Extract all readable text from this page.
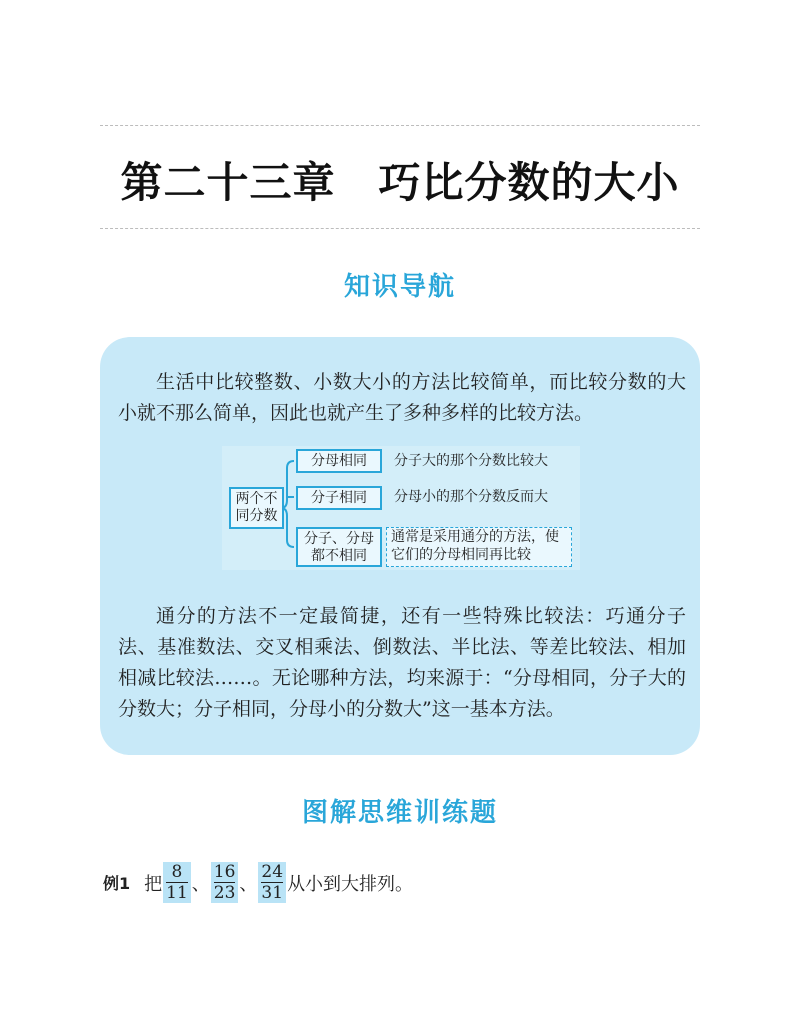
第二十三章　巧比分数的大小
知识导航
生活中比较整数、小数大小的方法比较简单，而比较分数的大小就不那么简单，因此也就产生了多种多样的比较方法。
两个不同分数
分母相同	分子大的那个分数比较大
分子相同	分母小的那个分数反而大
分子、分母都不相同
通常是采用通分的方法，使它们的分母相同再比较
通分的方法不一定最简捷，还有一些特殊比较法：巧通分子法、基准数法、交叉相乘法、倒数法、半比法、等差比较法、相加相减比较法……。无论哪种方法，均来源于：“分母相同，分子大的分数大；分子相同，分母小的分数大”这一基本方法。
图解思维训练题
例1 把 $\frac{8}{11}$ 、 $\frac{16}{23}$ 、 $\frac{24}{31}$ 从小到大排列。
